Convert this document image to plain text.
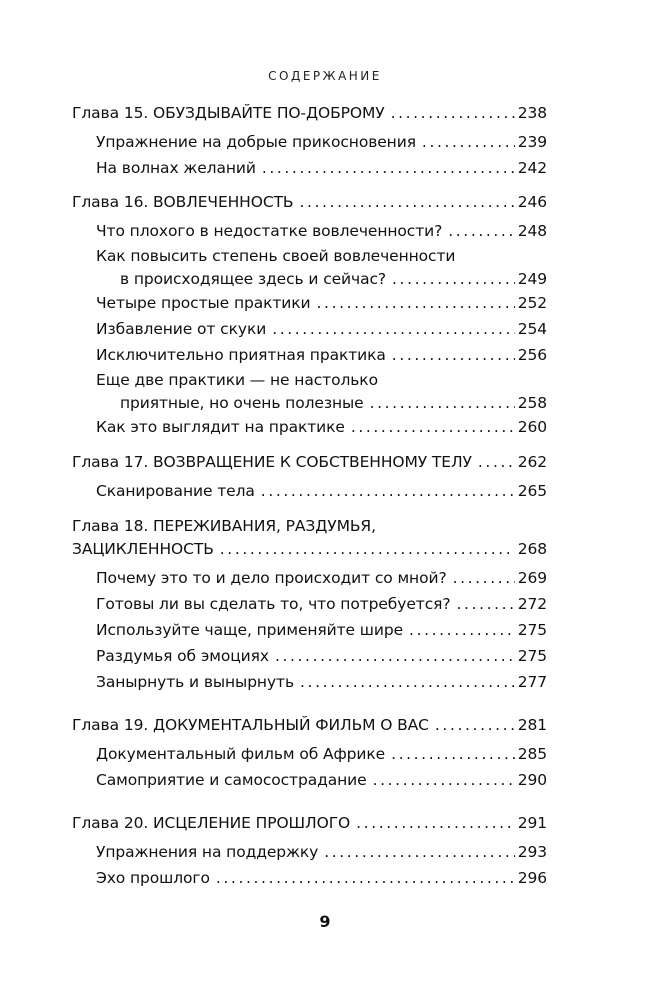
СОДЕРЖАНИЕ
Глава 15. ОБУЗДЫВАЙТЕ ПО-ДОБРОМУ .....	238
Упражнение на добрые прикосновения .....	239
На волнах желаний .....	242
Глава 16. ВОВЛЕЧЕННОСТЬ .....	246
Что плохого в недостатке вовлеченности? .....	248
Как повысить степень своей вовлеченности
в происходящее здесь и сейчас? .....	249
Четыре простые практики .....	252
Избавление от скуки .....	254
Исключительно приятная практика .....	256
Еще две практики — не настолько
приятные, но очень полезные .....	258
Как это выглядит на практике .....	260
Глава 17. ВОЗВРАЩЕНИЕ К СОБСТВЕННОМУ ТЕЛУ .....	262
Сканирование тела .....	265
Глава 18. ПЕРЕЖИВАНИЯ, РАЗДУМЬЯ,
ЗАЦИКЛЕННОСТЬ .....	268
Почему это то и дело происходит со мной? .....	269
Готовы ли вы сделать то, что потребуется? .....	272
Используйте чаще, применяйте шире .....	275
Раздумья об эмоциях .....	275
Занырнуть и вынырнуть .....	277
Глава 19. ДОКУМЕНТАЛЬНЫЙ ФИЛЬМ О ВАС .....	281
Документальный фильм об Африке .....	285
Самоприятие и самосострадание .....	290
Глава 20. ИСЦЕЛЕНИЕ ПРОШЛОГО .....	291
Упражнения на поддержку .....	293
Эхо прошлого .....	296
9
